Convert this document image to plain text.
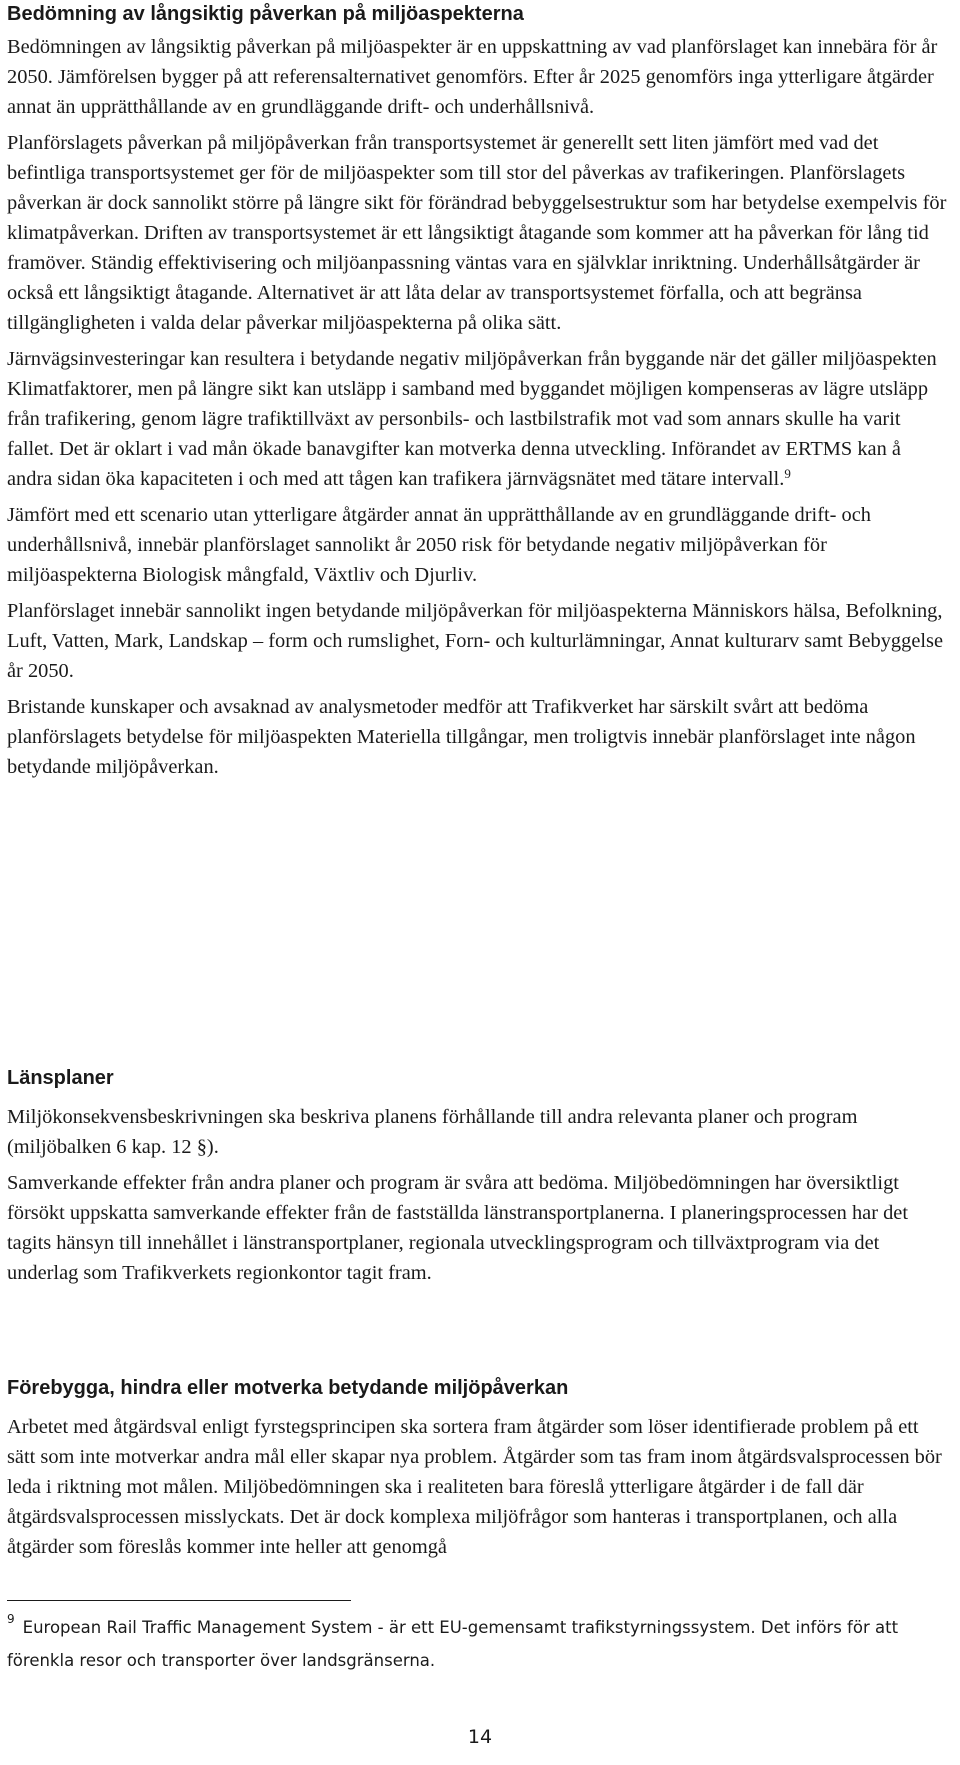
Bedömning av långsiktig påverkan på miljöaspekterna

Bedömningen av långsiktig påverkan på miljöaspekter är en uppskattning av vad planförslaget kan innebära för år 2050. Jämförelsen bygger på att referensalternativet genomförs. Efter år 2025 genomförs inga ytterligare åtgärder annat än upprätthållande av en grundläggande drift- och underhållsnivå.

Planförslagets påverkan på miljöpåverkan från transportsystemet är generellt sett liten jämfört med vad det befintliga transportsystemet ger för de miljöaspekter som till stor del påverkas av trafikeringen. Planförslagets påverkan är dock sannolikt större på längre sikt för förändrad bebyggelsestruktur som har betydelse exempelvis för klimatpåverkan. Driften av transportsystemet är ett långsiktigt åtagande som kommer att ha påverkan för lång tid framöver. Ständig effektivisering och miljöanpassning väntas vara en självklar inriktning. Underhållsåtgärder är också ett långsiktigt åtagande. Alternativet är att låta delar av transportsystemet förfalla, och att begränsa tillgängligheten i valda delar påverkar miljöaspekterna på olika sätt.

Järnvägsinvesteringar kan resultera i betydande negativ miljöpåverkan från byggande när det gäller miljöaspekten Klimatfaktorer, men på längre sikt kan utsläpp i samband med byggandet möjligen kompenseras av lägre utsläpp från trafikering, genom lägre trafiktillväxt av personbils- och lastbilstrafik mot vad som annars skulle ha varit fallet. Det är oklart i vad mån ökade banavgifter kan motverka denna utveckling. Införandet av ERTMS kan å andra sidan öka kapaciteten i och med att tågen kan trafikera järnvägsnätet med tätare intervall.$^9$

Jämfört med ett scenario utan ytterligare åtgärder annat än upprätthållande av en grundläggande drift- och underhållsnivå, innebär planförslaget sannolikt år 2050 risk för betydande negativ miljöpåverkan för miljöaspekterna Biologisk mångfald, Växtliv och Djurliv.

Planförslaget innebär sannolikt ingen betydande miljöpåverkan för miljöaspekterna Människors hälsa, Befolkning, Luft, Vatten, Mark, Landskap – form och rumslighet, Forn- och kulturlämningar, Annat kulturarv samt Bebyggelse år 2050.

Bristande kunskaper och avsaknad av analysmetoder medför att Trafikverket har särskilt svårt att bedöma planförslagets betydelse för miljöaspekten Materiella tillgångar, men troligtvis innebär planförslaget inte någon betydande miljöpåverkan.

Länsplaner

Miljökonsekvensbeskrivningen ska beskriva planens förhållande till andra relevanta planer och program (miljöbalken 6 kap. 12 §).

Samverkande effekter från andra planer och program är svåra att bedöma. Miljöbedömningen har översiktligt försökt uppskatta samverkande effekter från de fastställda länstransportplanerna. I planeringsprocessen har det tagits hänsyn till innehållet i länstransportplaner, regionala utvecklingsprogram och tillväxtprogram via det underlag som Trafikverkets regionkontor tagit fram.

Förebygga, hindra eller motverka betydande miljöpåverkan

Arbetet med åtgärdsval enligt fyrstegsprincipen ska sortera fram åtgärder som löser identifierade problem på ett sätt som inte motverkar andra mål eller skapar nya problem. Åtgärder som tas fram inom åtgärdsvalsprocessen bör leda i riktning mot målen. Miljöbedömningen ska i realiteten bara föreslå ytterligare åtgärder i de fall där åtgärdsvalsprocessen misslyckats. Det är dock komplexa miljöfrågor som hanteras i transportplanen, och alla åtgärder som föreslås kommer inte heller att genomgå

$^9$ European Rail Traffic Management System - är ett EU-gemensamt trafikstyrningssystem. Det införs för att förenkla resor och transporter över landsgränserna.
14
